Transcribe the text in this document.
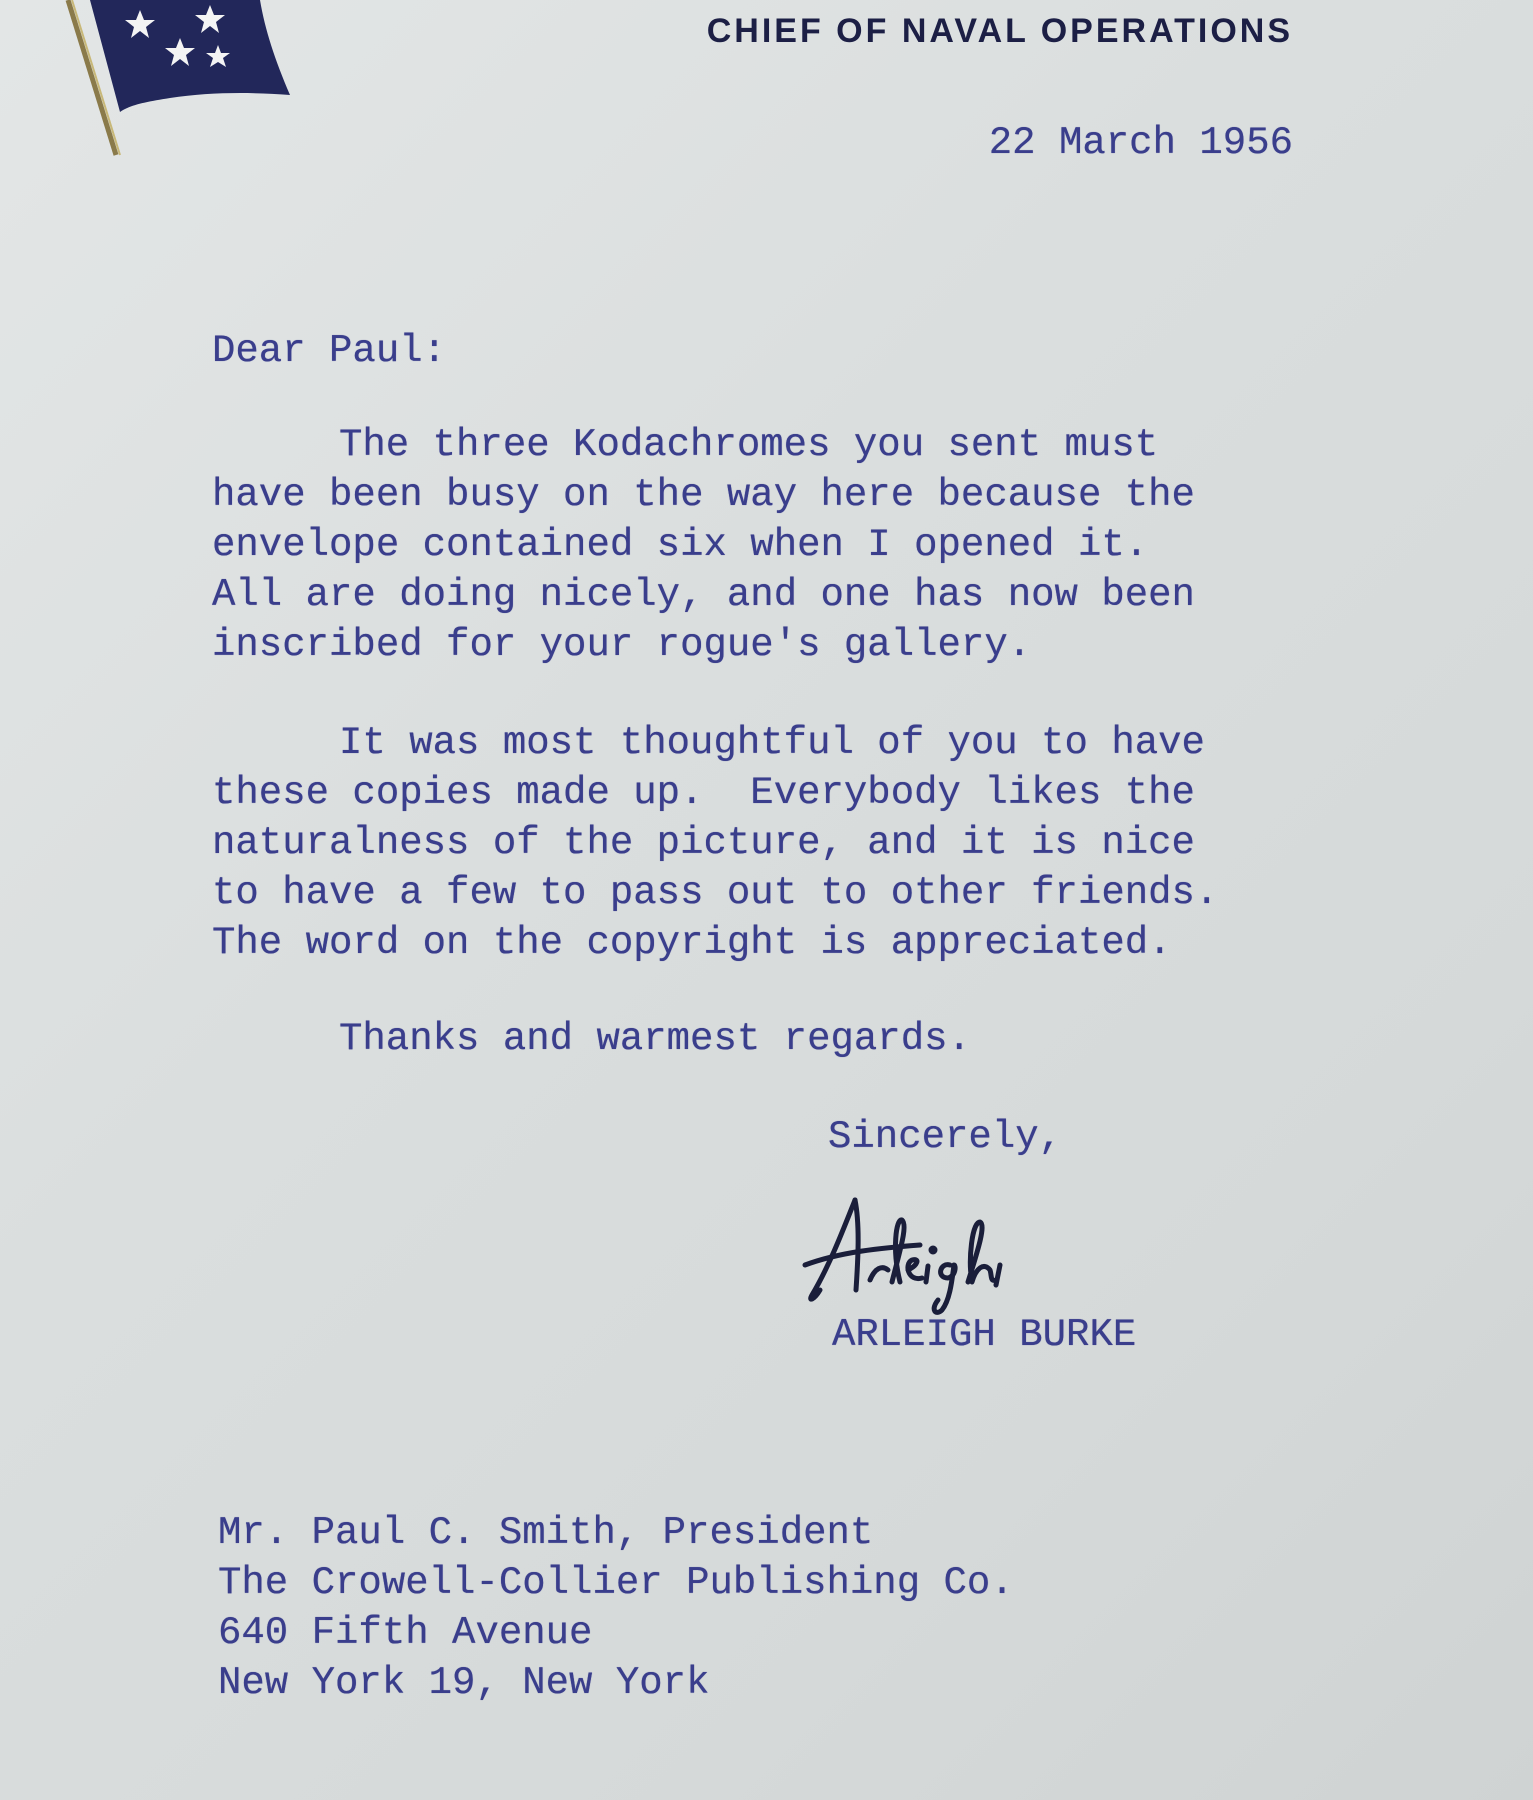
CHIEF OF NAVAL OPERATIONS

22 March 1956

Dear Paul:

The three Kodachromes you sent must
have been busy on the way here because the
envelope contained six when I opened it.
All are doing nicely, and one has now been
inscribed for your rogue's gallery.
It was most thoughtful of you to have
these copies made up.  Everybody likes the
naturalness of the picture, and it is nice
to have a few to pass out to other friends.
The word on the copyright is appreciated.
Thanks and warmest regards.

Sincerely,

ARLEIGH BURKE

Mr. Paul C. Smith, President
The Crowell-Collier Publishing Co.
640 Fifth Avenue
New York 19, New York
